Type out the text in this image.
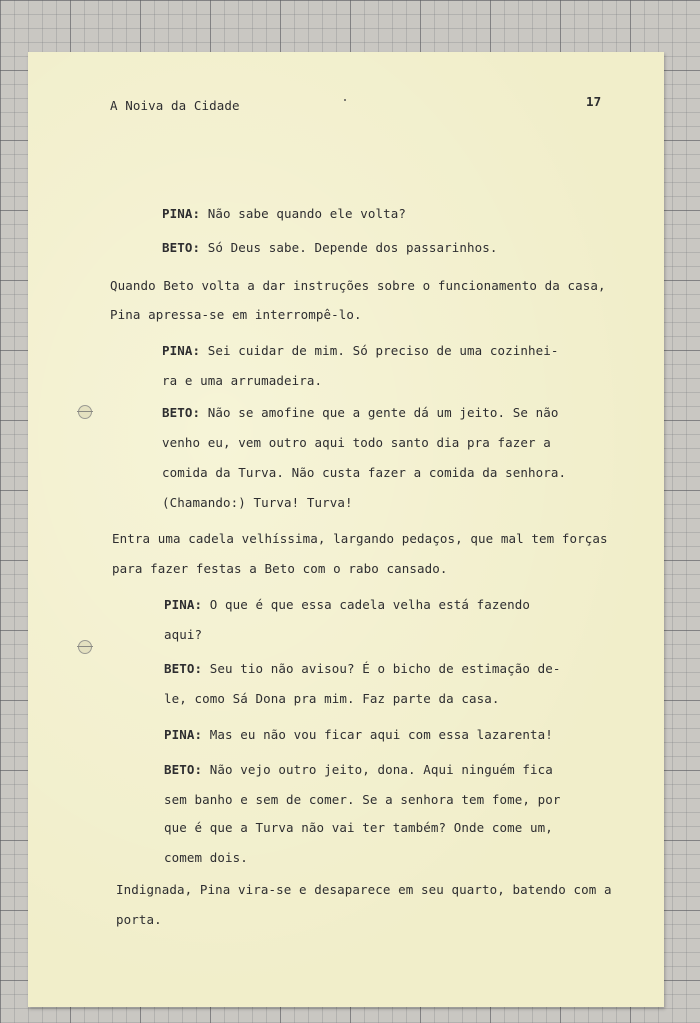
A Noiva da Cidade	17

PINA: Não sabe quando ele volta?

BETO: Só Deus sabe. Depende dos passarinhos.

Quando Beto volta a dar instruções sobre o funcionamento da casa,

Pina apressa-se em interrompê-lo.

PINA: Sei cuidar de mim. Só preciso de uma cozinhei-

ra e uma arrumadeira.

BETO: Não se amofine que a gente dá um jeito. Se não

venho eu, vem outro aqui todo santo dia pra fazer a

comida da Turva. Não custa fazer a comida da senhora.

(Chamando:) Turva! Turva!

Entra uma cadela velhíssima, largando pedaços, que mal tem forças

para fazer festas a Beto com o rabo cansado.

PINA: O que é que essa cadela velha está fazendo

aqui?

BETO: Seu tio não avisou? É o bicho de estimação de-

le, como Sá Dona pra mim. Faz parte da casa.

PINA: Mas eu não vou ficar aqui com essa lazarenta!

BETO: Não vejo outro jeito, dona. Aqui ninguém fica

sem banho e sem de comer. Se a senhora tem fome, por

que é que a Turva não vai ter também? Onde come um,

comem dois.

Indignada, Pina vira-se e desaparece em seu quarto, batendo com a

porta.
